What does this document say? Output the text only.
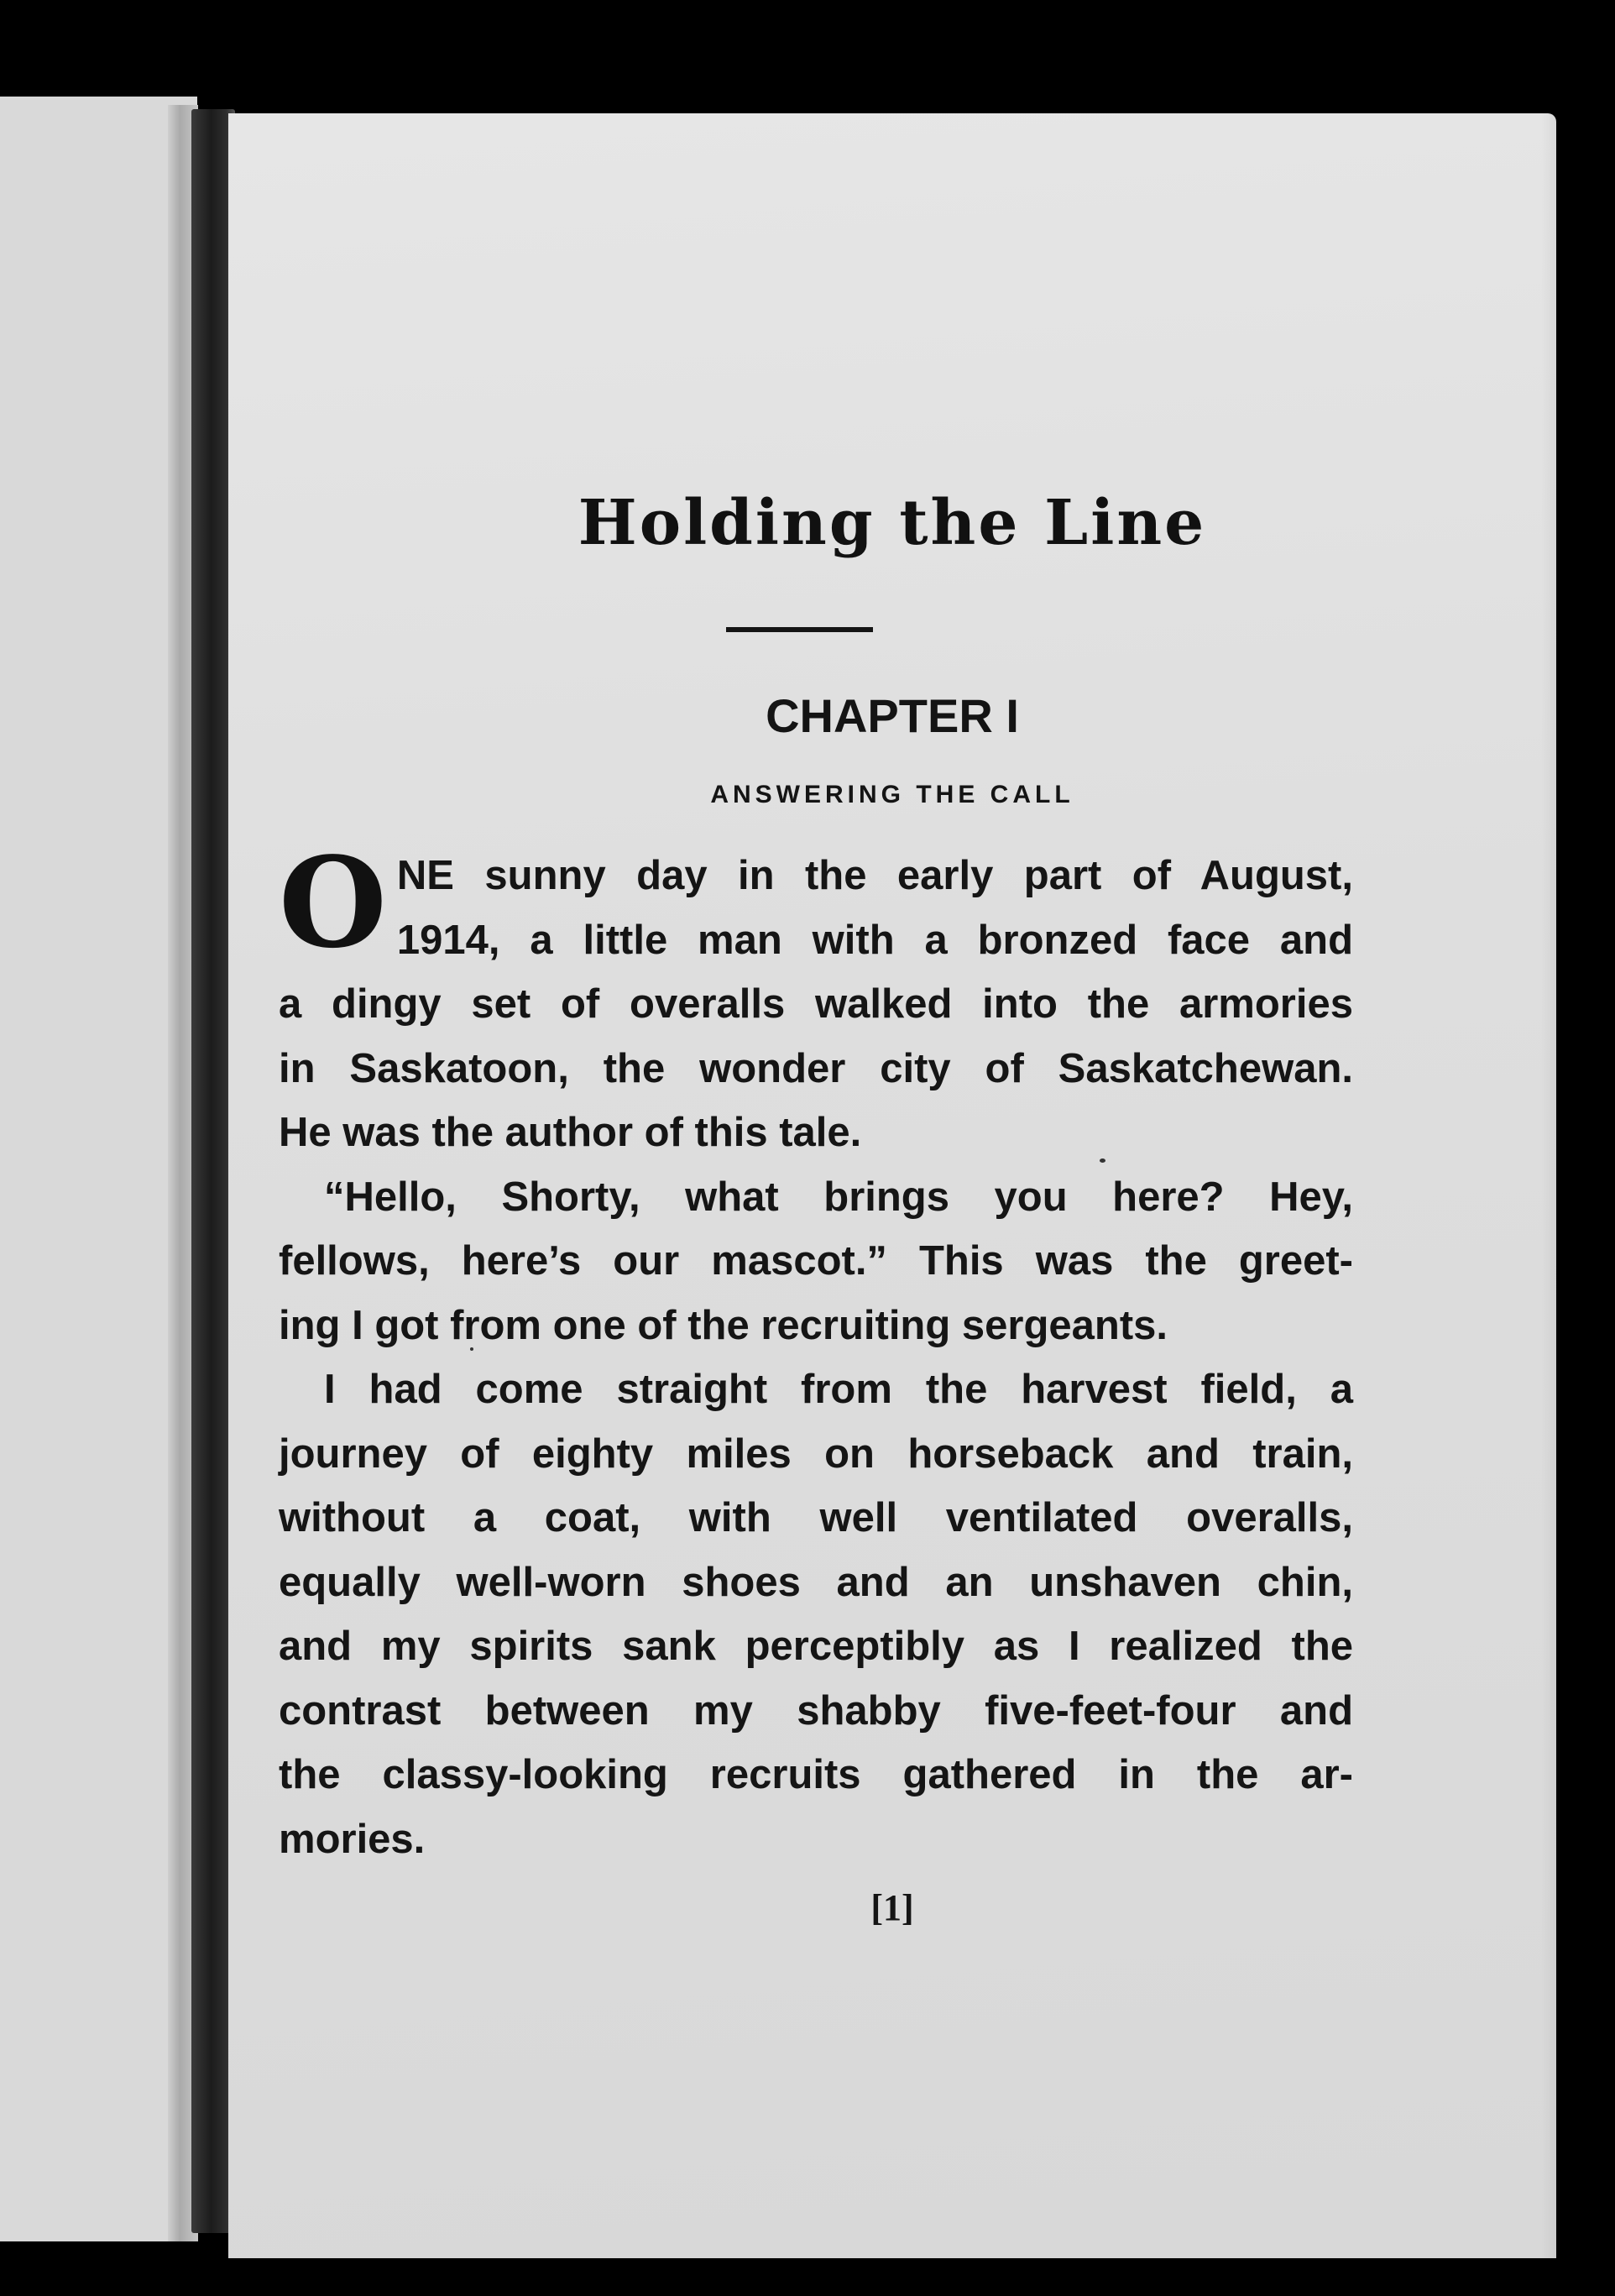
Holding the Line
CHAPTER I
ANSWERING THE CALL
O NE sunny day in the early part of August,
1914, a little man with a bronzed face and
a dingy set of overalls walked into the armories
in Saskatoon, the wonder city of Saskatchewan.
He was the author of this tale.
“Hello, Shorty, what brings you here? Hey,
fellows, here’s our mascot.” This was the greet-
ing I got from one of the recruiting sergeants.
I had come straight from the harvest field, a
journey of eighty miles on horseback and train,
without a coat, with well ventilated overalls,
equally well-worn shoes and an unshaven chin,
and my spirits sank perceptibly as I realized the
contrast between my shabby five-feet-four and
the classy-looking recruits gathered in the ar-
mories.

[1]
